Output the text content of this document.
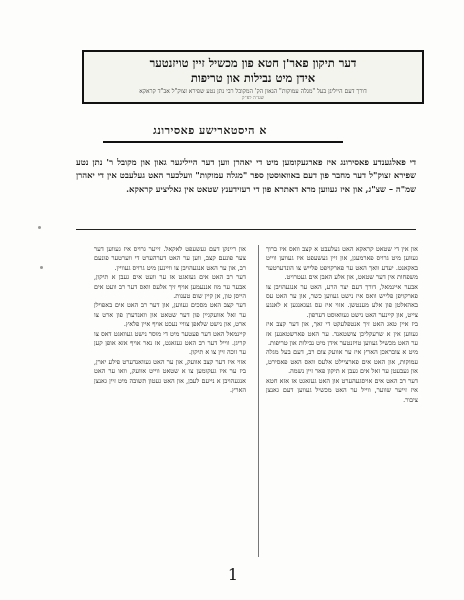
דער תיקון פאר'ן חטא פון מכשיל זיין טויזנטער
אידן מיט נבילות און טריפות
דורך דעם הייליגן בעל "מגלה עמוקות" הגאון הק' המקובל רבי נתן נטע שפירא זצוק"ל אב"ד קראקא
שע"ה לפ"ק
א היסטארישע פאסירונג
די פאלגענדע פאסירונג איז פארגעקומען מיט די יאהרן ווען דער הייליגער גאון און מקובל ר' נתן נטע שפירא זצוק"ל דער מחבר פון דעם באוואוסטן ספר "מגלה עמוקות" וועלכער האט געלעבט אין די יאהרן שמ"ה – שצ"ג, און איז געווען מרא דאתרא פון די רעזידענץ שטאט אין גאליציע קראקא.
און אין די שטאט קראקא האט געלעבט א קצב וואס איז ברוך געווען מיט גרויס פארמעגן, און זיין געשעפט איז געווען ווייט באקאנט. יעדע וואך האט ער פארקויפט פלייש צו הונדערטער משפחות אין דער שטאט, און אלע האבן אים געטרויט.
אבער איינמאל, דורך דעם יצר הרע, האט ער אנגעהויבן צו פארקויפן פלייש וואס איז נישט געווען כשר, און ער האט עס באהאלטן פון אלע מענטשן. אזוי איז עס געגאנגען א לאנגע צייט, און קיינער האט נישט געוואוסט דערפון.
ביז איין טאג האט זיך אנטפלעקט די זאך, און דער קצב איז געווען אין א שרעקליכן צושטאנד. ער האט פארשטאנען אז ער האט מכשיל געווען טויזנטער אידן מיט נבילות און טריפות.
מיט א צובראכן הארץ איז ער אוועק צום רב, דעם בעל מגלה עמוקות, און האט אים פארציילט אלעס וואס האט פאסירט, און געבעטן ער זאל אים געבן א תיקון פאר זיין נשמה.
דער רב האט אים אויסגעהערט און האט געזאגט אז אזא חטא איז זייער שווער, ווייל ער האט מכשיל געווען דעם גאנצן ציבור.
און ריינקן דעם געשעפט לאקאל. זייער גרויס איז געווען דער צער פונעם קצב, ווען ער האט דערהערט די ווערטער פונעם רב, און ער האט אנגעהויבן צו וויינען מיט גרויס געוויין.
דער רב האט אים געזאגט אז ער וועט אים געבן א תיקון, אבער ער מוז אננעמען אויף זיך אלעס וואס דער רב וועט אים הייסן טון, אן קיין שום טענות.
דער קצב האט מסכים געווען, און דער רב האט אים באפוילן ער זאל אוועקגיין פון דער שטאט און וואנדערן פון ארט צו ארט, און נישט שלאפן צוויי נעכט אויף איין פלאץ.
קיינמאל האט דער פעטער מיט די מוסר נישט געוואגט דאס צו קריגן. ווייל דער רב האט געזאגט, אז נאר אויף אזא אופן קען ער זוכה זיין צו א תיקון.
אזוי איז דער קצב אוועק, און ער האט געוואנדערט פילע יארן, ביז ער איז געקומען צו א שטאט ווייט אוועק, וואו ער האט אנגעהויבן א נייעם לעבן, און האט געטון תשובה מיט זיין גאנצן הארץ.
1
